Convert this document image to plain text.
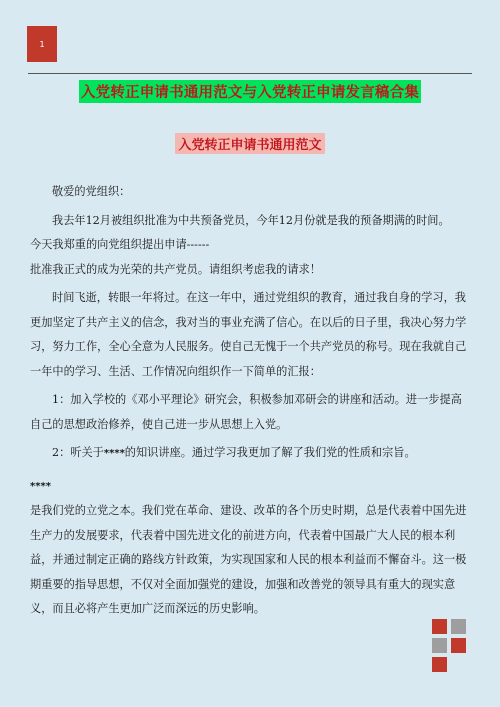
1
入党转正申请书通用范文与入党转正申请发言稿合集
入党转正申请书通用范文

敬爱的党组织：

我去年12月被组织批准为中共预备党员，今年12月份就是我的预备期满的时间。

今天我郑重的向党组织提出申请------

批准我正式的成为光荣的共产党员。请组织考虑我的请求！

时间飞逝，转眼一年将过。在这一年中，通过党组织的教育，通过我自身的学习，我更加坚定了共产主义的信念，我对当的事业充满了信心。在以后的日子里，我决心努力学习，努力工作，全心全意为人民服务。使自己无愧于一个共产党员的称号。现在我就自己一年中的学习、生活、工作情况向组织作一下简单的汇报：

1：加入学校的《邓小平理论》研究会，积极参加邓研会的讲座和活动。进一步提高自己的思想政治修养，使自己进一步从思想上入党。

2：听关于****的知识讲座。通过学习我更加了解了我们党的性质和宗旨。

****

是我们党的立党之本。我们党在革命、建设、改革的各个历史时期，总是代表着中国先进生产力的发展要求，代表着中国先进文化的前进方向，代表着中国最广大人民的根本利益，并通过制定正确的路线方针政策，为实现国家和人民的根本利益而不懈奋斗。这一极期重要的指导思想，不仅对全面加强党的建设，加强和改善党的领导具有重大的现实意义，而且必将产生更加广泛而深远的历史影响。
